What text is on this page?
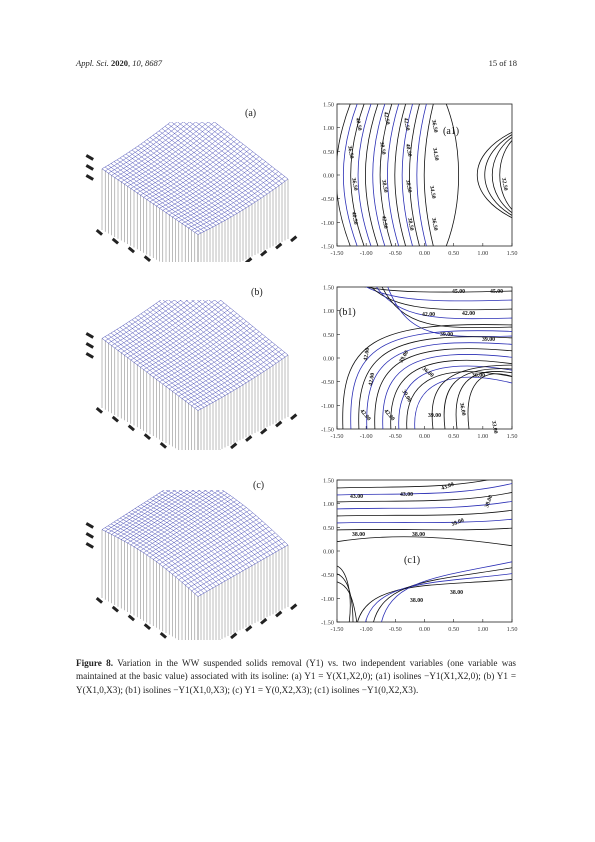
Appl. Sci. 2020, 10, 8687	15 of 18
(a)
(b)
(c)
1.50
1.00
0.50
0.00
-0.50
-1.00
-1.50
-1.50	-1.00	-0.50	0.00	0.50	1.00	1.50
40.50	42.50 42.50	36.50
36.50	38.50	40.50	34.50
36.50	38.50	38.50	34.50
40.50	42.50	38.50	36.50
32.50
(a1)
1.50
1.00
0.50
0.00
-0.50
-1.00
-1.50
-1.50	-1.00	-0.50	0.00	0.50	1.00	1.50
45.00	45.00
42.00	42.00
39.00
39.00
42.00	39.00
36.00	36.00
42.00
39.00
42.00 42.00	39.00	36.00
33.00
(b1)
1.50
1.00
0.50
0.00
-0.50
-1.00
-1.50
-1.50	-1.00	-0.50	0.00	0.50	1.00	1.50
43.00	43.00
43.00
38.00
38.00	38.00
38.00
38.00
38.00
(c1)
Figure 8. Variation in the WW suspended solids removal (Y1) vs. two independent variables (one variable was maintained at the basic value) associated with its isoline: (a) Y1 = Y(X1,X2,0); (a1) isolines −Y1(X1,X2,0); (b) Y1 = Y(X1,0,X3); (b1) isolines −Y1(X1,0,X3); (c) Y1 = Y(0,X2,X3); (c1) isolines −Y1(0,X2,X3).
